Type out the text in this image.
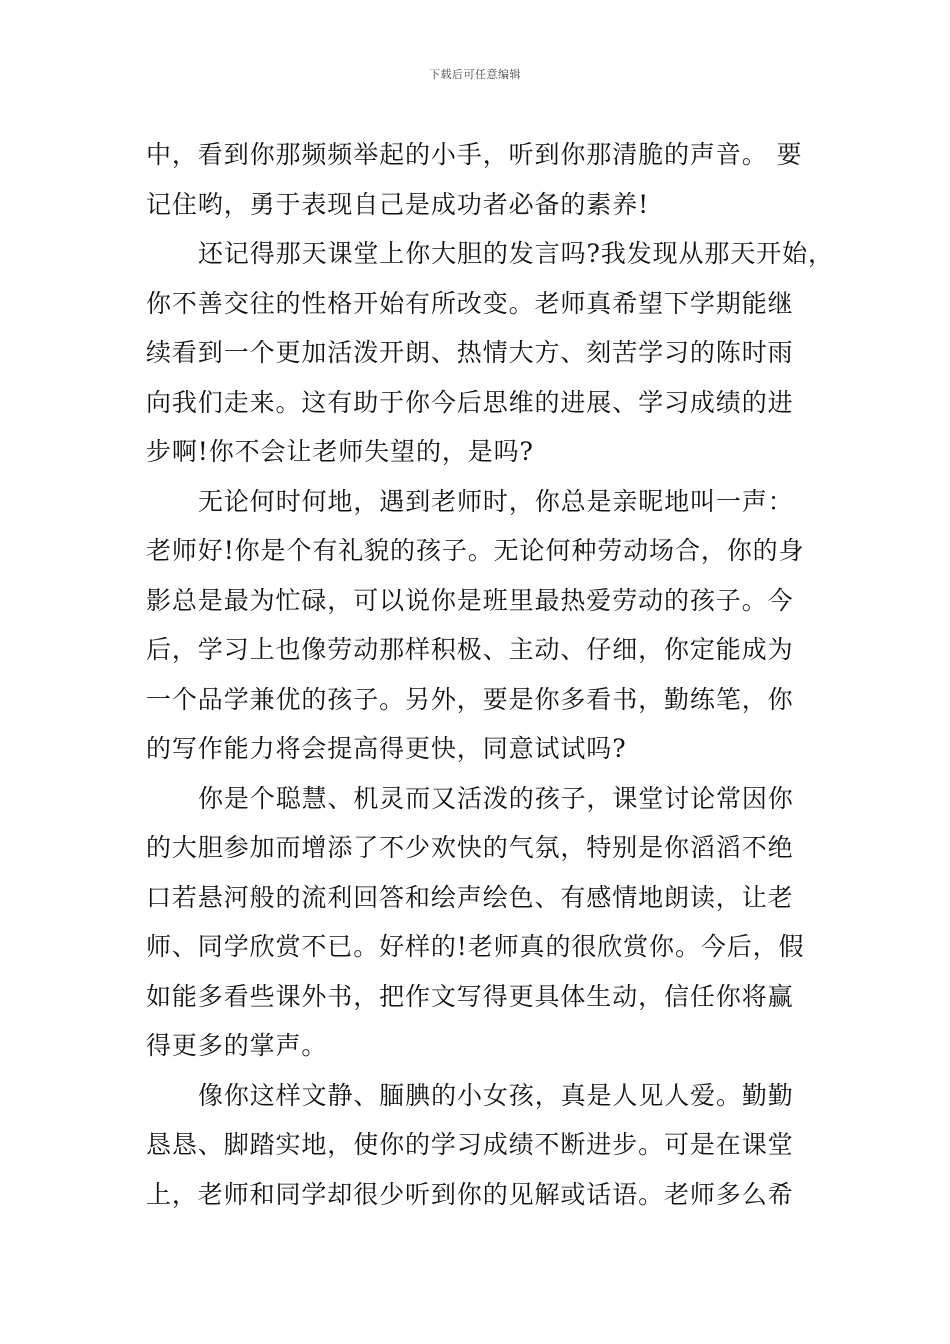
下载后可任意编辑
中，看到你那频频举起的小手，听到你那清脆的声音。 要
记住哟，勇于表现自己是成功者必备的素养!
还记得那天课堂上你大胆的发言吗?我发现从那天开始，
你不善交往的性格开始有所改变。老师真希望下学期能继
续看到一个更加活泼开朗、热情大方、刻苦学习的陈时雨
向我们走来。这有助于你今后思维的进展、学习成绩的进
步啊!你不会让老师失望的，是吗?
无论何时何地，遇到老师时，你总是亲昵地叫一声：
老师好!你是个有礼貌的孩子。无论何种劳动场合，你的身
影总是最为忙碌，可以说你是班里最热爱劳动的孩子。今
后，学习上也像劳动那样积极、主动、仔细，你定能成为
一个品学兼优的孩子。另外，要是你多看书，勤练笔，你
的写作能力将会提高得更快，同意试试吗?
你是个聪慧、机灵而又活泼的孩子，课堂讨论常因你
的大胆参加而增添了不少欢快的气氛，特别是你滔滔不绝
口若悬河般的流利回答和绘声绘色、有感情地朗读，让老
师、同学欣赏不已。好样的!老师真的很欣赏你。今后，假
如能多看些课外书，把作文写得更具体生动，信任你将赢
得更多的掌声。
像你这样文静、腼腆的小女孩，真是人见人爱。勤勤
恳恳、脚踏实地，使你的学习成绩不断进步。可是在课堂
上，老师和同学却很少听到你的见解或话语。老师多么希
